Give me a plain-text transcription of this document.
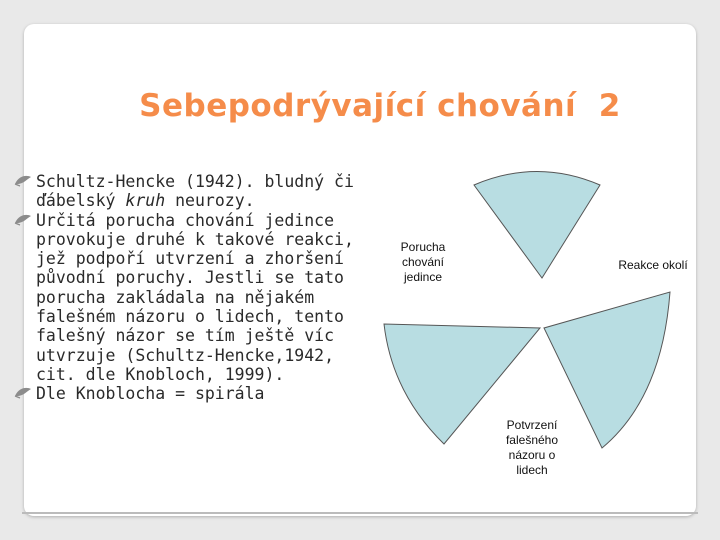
Sebepodrývající chování  2
Schultz-Hencke (1942). bludný či ďábelský kruh neurozy.
Určitá porucha chování jedince provokuje druhé k takové reakci, jež podpoří utvrzení a zhoršení původní poruchy. Jestli se tato porucha zakládala na nějakém falešném názoru o lidech, tento falešný názor se tím ještě víc utvrzuje (Schultz-Hencke,1942, cit. dle Knobloch, 1999).
Dle Knoblocha = spirála
Porucha chování jedince
Reakce okolí
Potvrzení falešného názoru o lidech
